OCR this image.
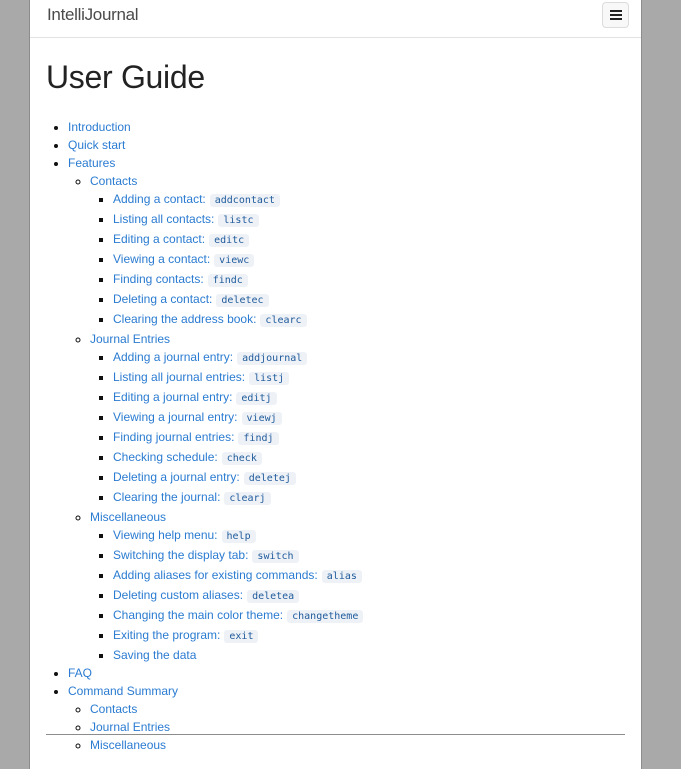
IntelliJournal
User Guide
• Introduction
• Quick start
• Features
◦ Contacts
▪ Adding a contact: addcontact
▪ Listing all contacts: listc
▪ Editing a contact: editc
▪ Viewing a contact: viewc
▪ Finding contacts: findc
▪ Deleting a contact: deletec
▪ Clearing the address book: clearc
◦ Journal Entries
▪ Adding a journal entry: addjournal
▪ Listing all journal entries: listj
▪ Editing a journal entry: editj
▪ Viewing a journal entry: viewj
▪ Finding journal entries: findj
▪ Checking schedule: check
▪ Deleting a journal entry: deletej
▪ Clearing the journal: clearj
◦ Miscellaneous
▪ Viewing help menu: help
▪ Switching the display tab: switch
▪ Adding aliases for existing commands: alias
▪ Deleting custom aliases: deletea
▪ Changing the main color theme: changetheme
▪ Exiting the program: exit
▪ Saving the data
• FAQ
• Command Summary
◦ Contacts
◦ Journal Entries
◦ Miscellaneous
